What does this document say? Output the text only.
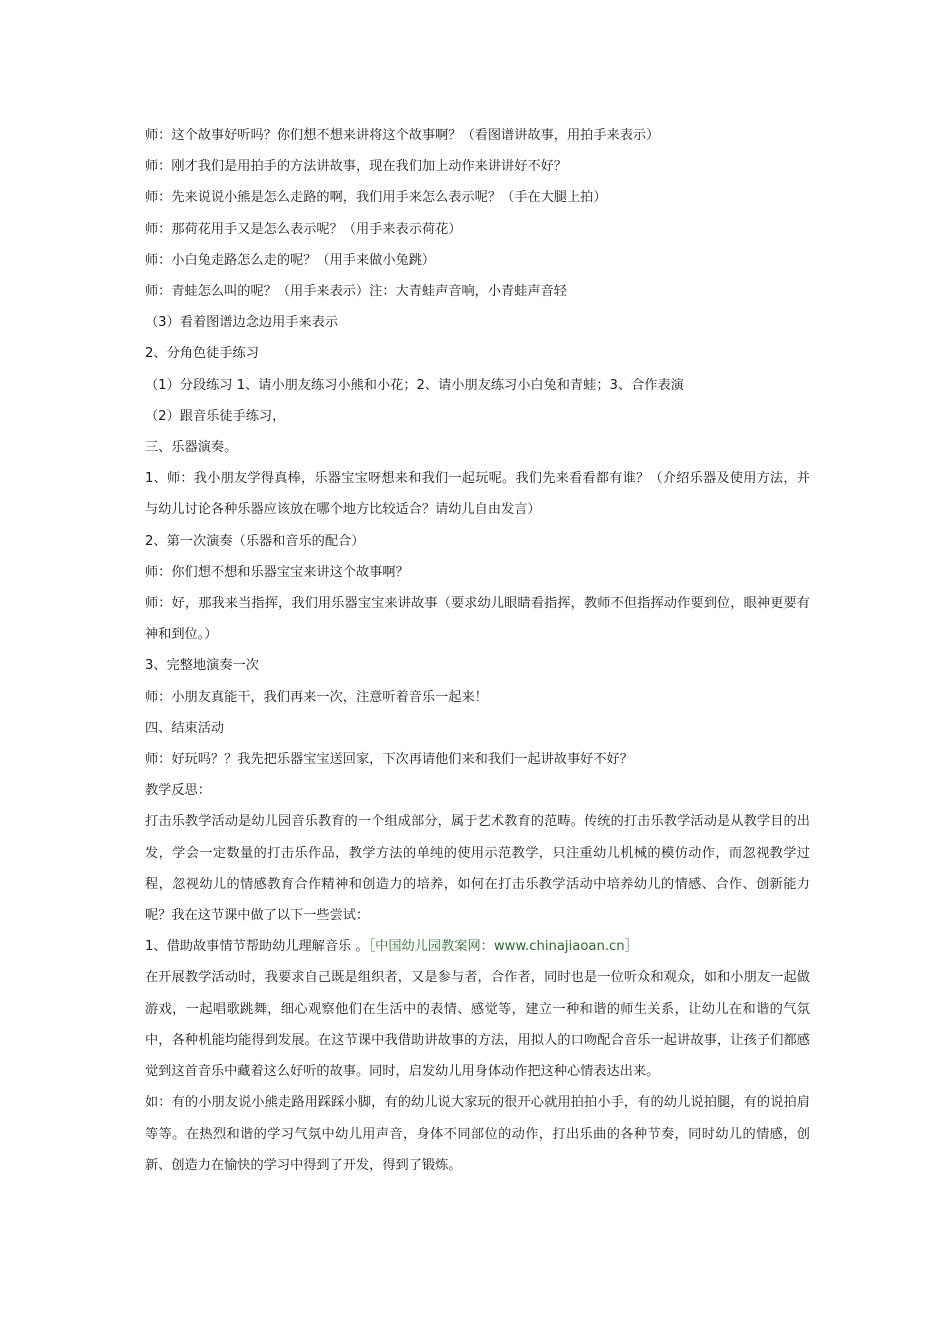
师：这个故事好听吗？你们想不想来讲将这个故事啊？（看图谱讲故事，用拍手来表示）

师：刚才我们是用拍手的方法讲故事，现在我们加上动作来讲讲好不好？

师：先来说说小熊是怎么走路的啊，我们用手来怎么表示呢？（手在大腿上拍）

师：那荷花用手又是怎么表示呢？（用手来表示荷花）

师：小白兔走路怎么走的呢？（用手来做小兔跳）

师：青蛙怎么叫的呢？（用手来表示）注：大青蛙声音响，小青蛙声音轻

（3）看着图谱边念边用手来表示

2、分角色徒手练习

（1）分段练习 1、请小朋友练习小熊和小花；2、请小朋友练习小白兔和青蛙；3、合作表演

（2）跟音乐徒手练习，

三、乐器演奏。

1、师：我小朋友学得真棒，乐器宝宝呀想来和我们一起玩呢。我们先来看看都有谁？（介绍乐器及使用方法，并与幼儿讨论各种乐器应该放在哪个地方比较适合？请幼儿自由发言）

2、第一次演奏（乐器和音乐的配合）

师：你们想不想和乐器宝宝来讲这个故事啊？

师：好，那我来当指挥，我们用乐器宝宝来讲故事（要求幼儿眼睛看指挥，教师不但指挥动作要到位，眼神更要有神和到位。）

3、完整地演奏一次

师：小朋友真能干，我们再来一次，注意听着音乐一起来！

四、结束活动

师：好玩吗？？我先把乐器宝宝送回家，下次再请他们来和我们一起讲故事好不好？

教学反思：

打击乐教学活动是幼儿园音乐教育的一个组成部分，属于艺术教育的范畴。传统的打击乐教学活动是从教学目的出发，学会一定数量的打击乐作品，教学方法的单纯的使用示范教学，只注重幼儿机械的模仿动作，而忽视教学过程，忽视幼儿的情感教育合作精神和创造力的培养，如何在打击乐教学活动中培养幼儿的情感、合作、创新能力呢？我在这节课中做了以下一些尝试：

1、借助故事情节帮助幼儿理解音乐 。［中国幼儿园教案网：www.chinajiaoan.cn］

在开展教学活动时，我要求自己既是组织者，又是参与者，合作者，同时也是一位听众和观众，如和小朋友一起做游戏，一起唱歌跳舞，细心观察他们在生活中的表情、感觉等，建立一种和谐的师生关系，让幼儿在和谐的气氛中，各种机能均能得到发展。在这节课中我借助讲故事的方法，用拟人的口吻配合音乐一起讲故事，让孩子们都感觉到这首音乐中藏着这么好听的故事。同时，启发幼儿用身体动作把这种心情表达出来。

如：有的小朋友说小熊走路用踩踩小脚，有的幼儿说大家玩的很开心就用拍拍小手，有的幼儿说拍腿，有的说拍肩等等。在热烈和谐的学习气氛中幼儿用声音，身体不同部位的动作，打出乐曲的各种节奏，同时幼儿的情感，创新、创造力在愉快的学习中得到了开发，得到了锻炼。
